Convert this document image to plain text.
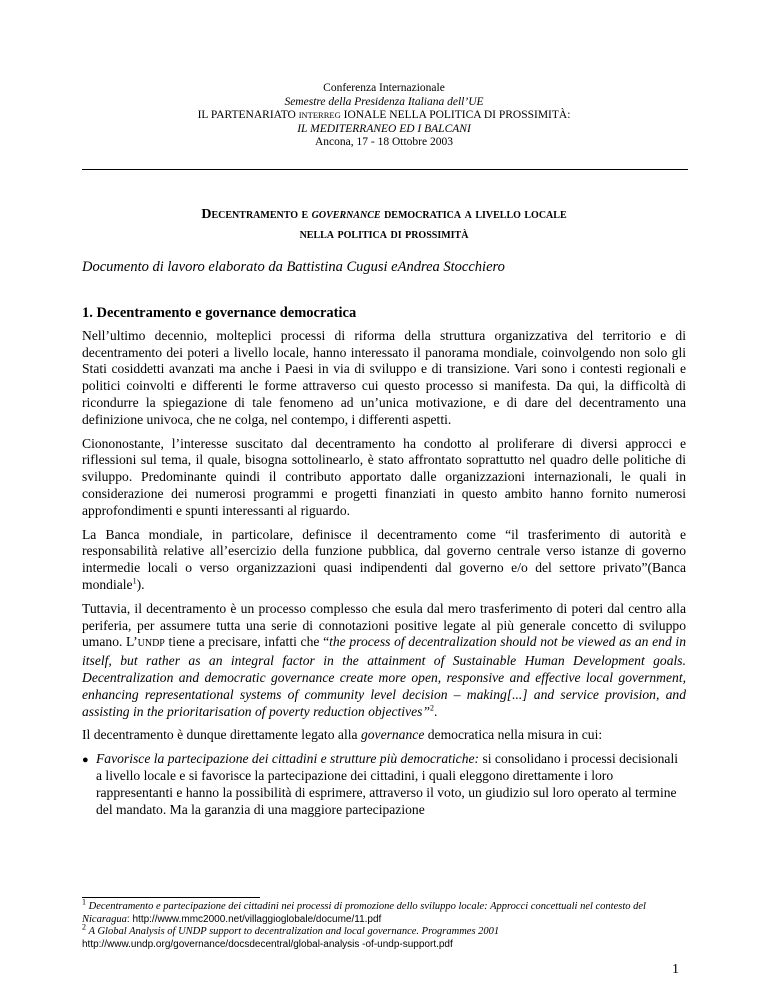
Conferenza Internazionale
Semestre della Presidenza Italiana dell’UE
IL PARTENARIATO INTERREG IONALE NELLA POLITICA DI PROSSIMITÀ:
IL MEDITERRANEO ED I BALCANI
Ancona, 17 - 18 Ottobre 2003
Decentramento e governance democratica a livello locale
nella politica di prossimità
Documento di lavoro elaborato da Battistina Cugusi eAndrea Stocchiero
1. Decentramento e governance democratica

Nell’ultimo decennio, molteplici processi di riforma della struttura organizzativa del territorio e di decentramento dei poteri a livello locale, hanno interessato il panorama mondiale, coinvolgendo non solo gli Stati cosiddetti avanzati ma anche i Paesi in via di sviluppo e di transizione. Vari sono i contesti regionali e politici coinvolti e differenti le forme attraverso cui questo processo si manifesta. Da qui, la difficoltà di ricondurre la spiegazione di tale fenomeno ad un’unica motivazione, e di dare del decentramento una definizione univoca, che ne colga, nel contempo, i differenti aspetti.

Ciononostante, l’interesse suscitato dal decentramento ha condotto al proliferare di diversi approcci e riflessioni sul tema, il quale, bisogna sottolinearlo, è stato affrontato soprattutto nel quadro delle politiche di sviluppo. Predominante quindi il contributo apportato dalle organizzazioni internazionali, le quali in considerazione dei numerosi programmi e progetti finanziati in questo ambito hanno fornito numerosi approfondimenti e spunti interessanti al riguardo.

La Banca mondiale, in particolare, definisce il decentramento come “il trasferimento di autorità e responsabilità relative all’esercizio della funzione pubblica, dal governo centrale verso istanze di governo intermedie locali o verso organizzazioni quasi indipendenti dal governo e/o del settore privato”(Banca mondiale$^1$).

Tuttavia, il decentramento è un processo complesso che esula dal mero trasferimento di poteri dal centro alla periferia, per assumere tutta una serie di connotazioni positive legate al più generale concetto di sviluppo umano. L’UNDP tiene a precisare, infatti che “the process of decentralization should not be viewed as an end in itself, but rather as an integral factor in the attainment of Sustainable Human Development goals. Decentralization and democratic governance create more open, responsive and effective local government, enhancing representational systems of community level decision – making[...] and service provision, and assisting in the prioritarisation of poverty reduction objectives”$^2$.

Il decentramento è dunque direttamente legato alla governance democratica nella misura in cui:

● Favorisce la partecipazione dei cittadini e strutture più democratiche: si consolidano i processi decisionali a livello locale e si favorisce la partecipazione dei cittadini, i quali eleggono direttamente i loro rappresentanti e hanno la possibilità di esprimere, attraverso il voto, un giudizio sul loro operato al termine del mandato. Ma la garanzia di una maggiore partecipazione
$^1$ Decentramento e partecipazione dei cittadini nei processi di promozione dello sviluppo locale: Approcci concettuali nel contesto del Nicaragua: http://www.mmc2000.net/villaggioglobale/docume/11.pdf
$^2$ A Global Analysis of UNDP support to decentralization and local governance. Programmes 2001
http://www.undp.org/governance/docsdecentral/global-analysis -of-undp-support.pdf
1
